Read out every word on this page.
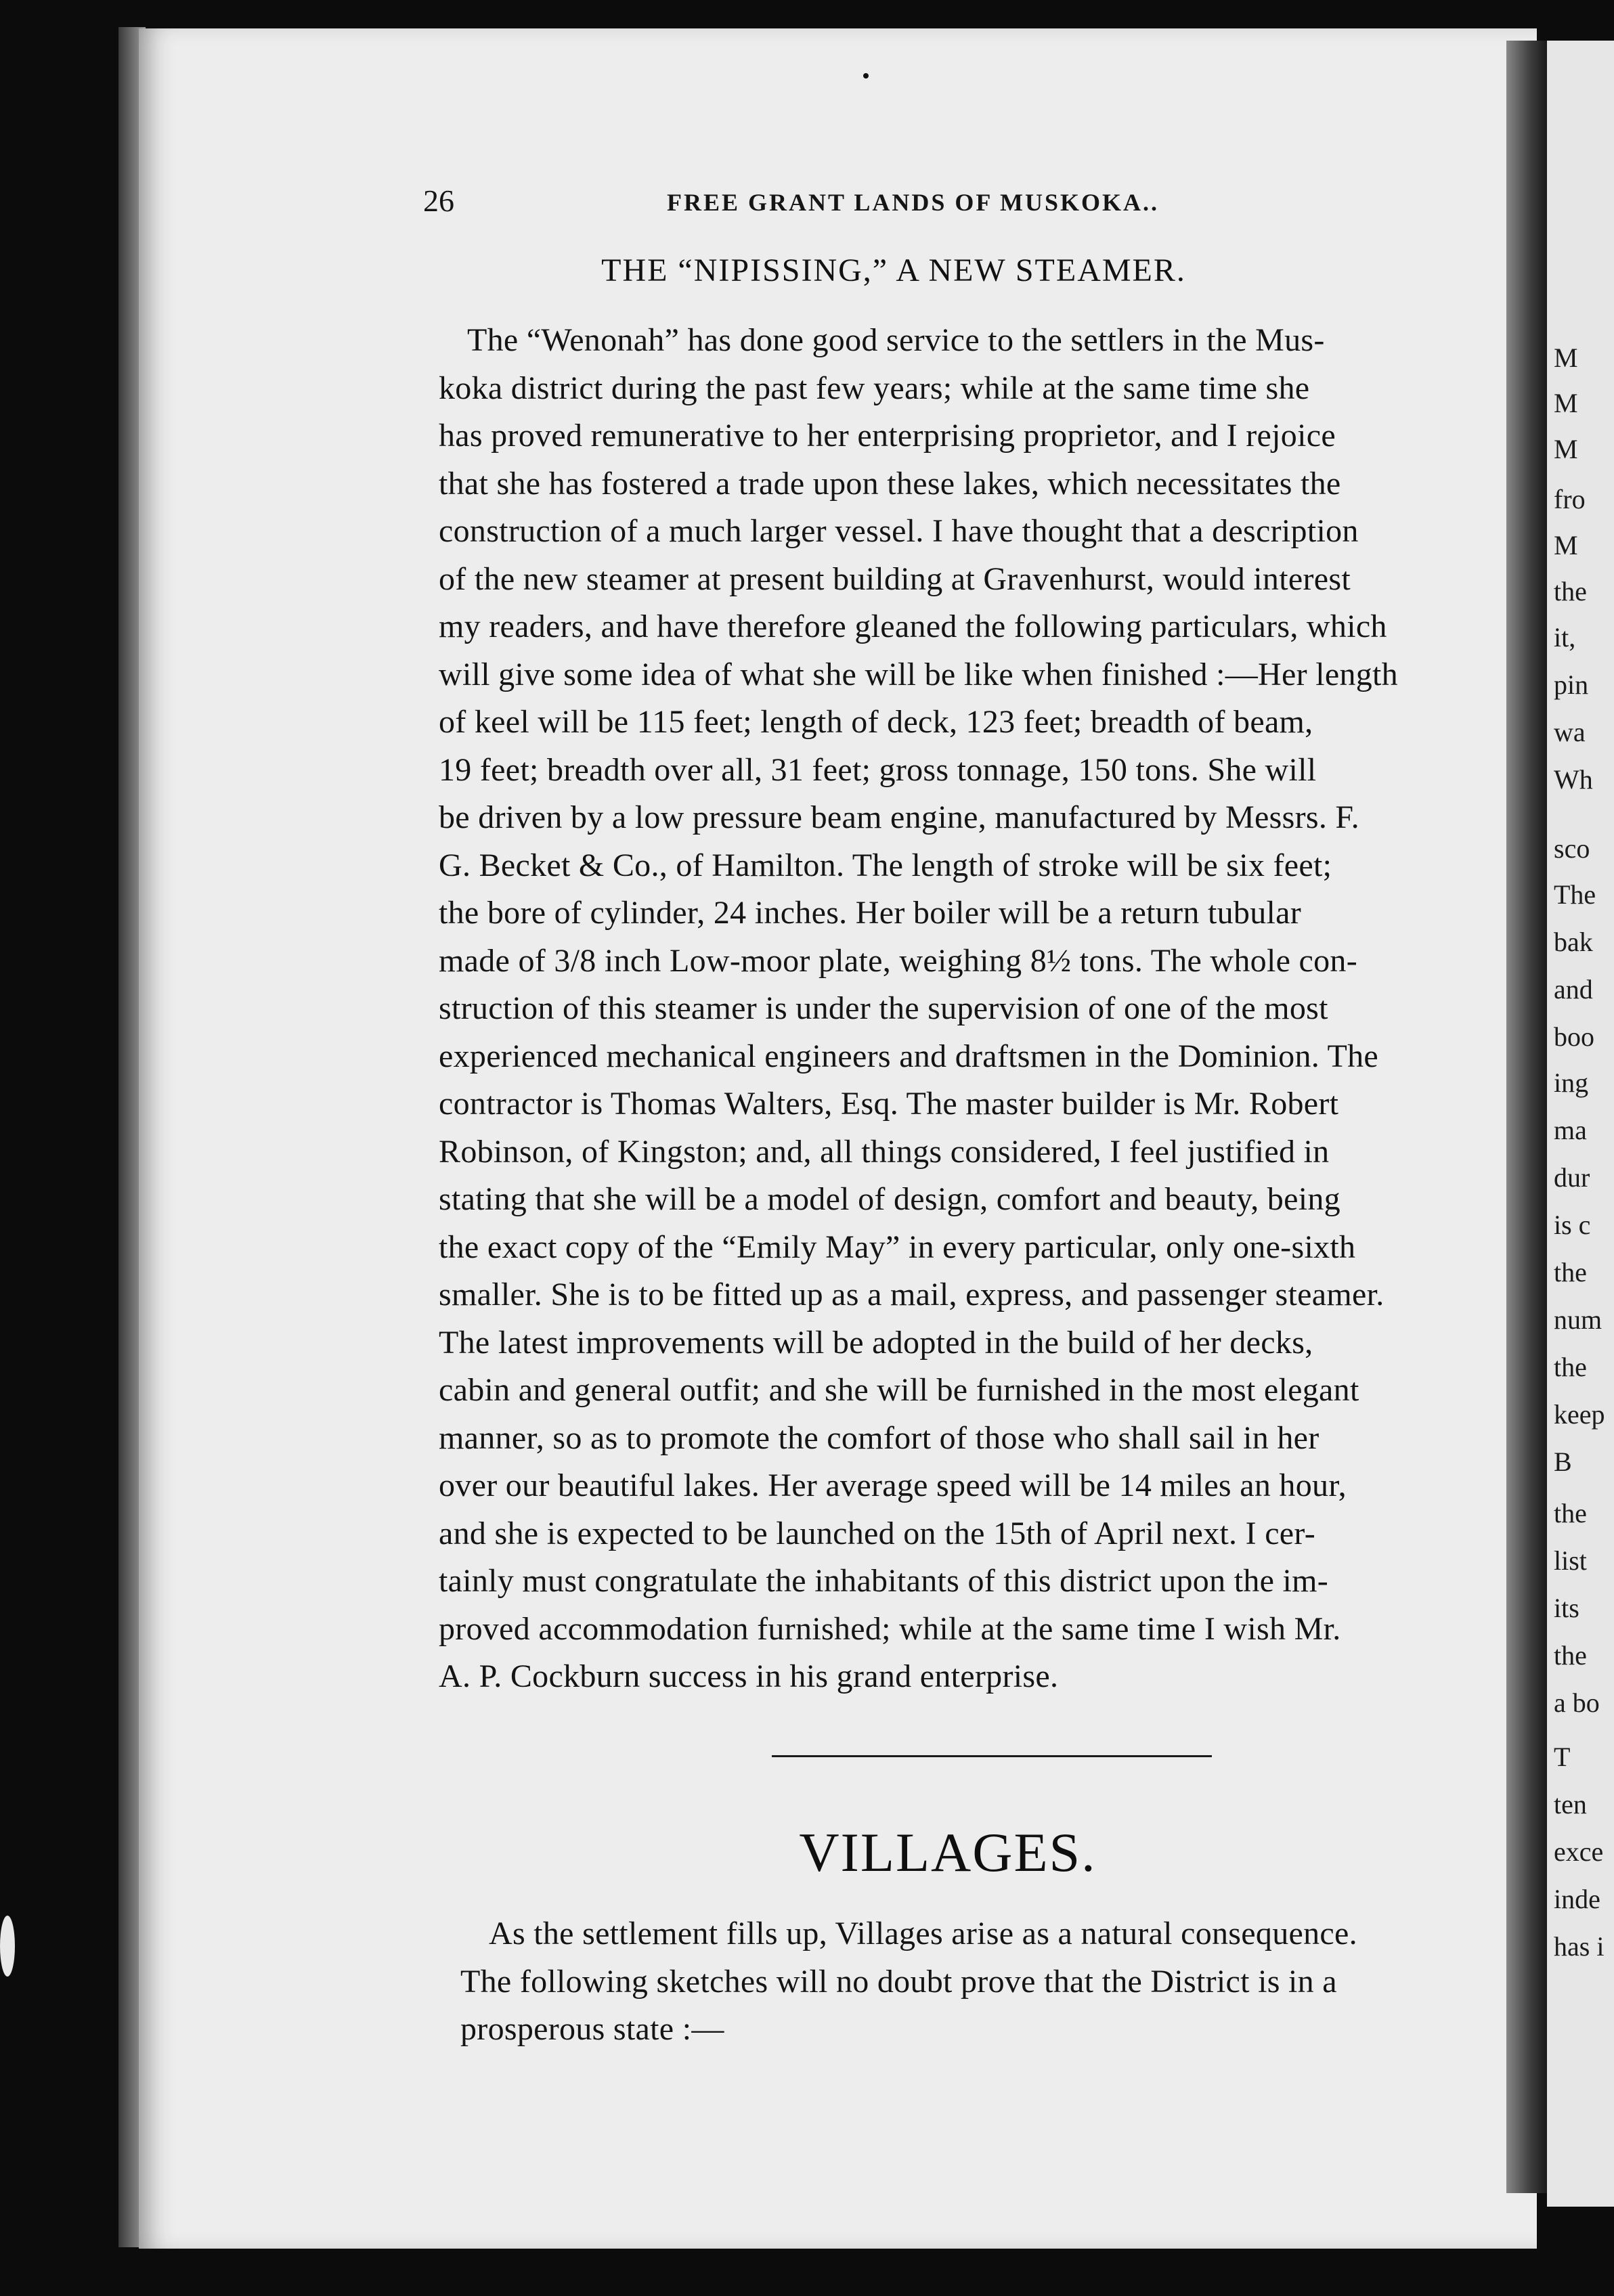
M
M
M
fro
M
the
it,
pin
wa
Wh
sco
The
bak
and
boo
ing
ma
dur
is c
the
num
the
keep
B
the
list
its
the
a bo
T
ten
exce
inde
has i
26	FREE GRANT LANDS OF MUSKOKA..
THE “NIPISSING,” A NEW STEAMER.
The “Wenonah” has done good service to the settlers in the Mus-
koka district during the past few years; while at the same time she
has proved remunerative to her enterprising proprietor, and I rejoice
that she has fostered a trade upon these lakes, which necessitates the
construction of a much larger vessel. I have thought that a description
of the new steamer at present building at Gravenhurst, would interest
my readers, and have therefore gleaned the following particulars, which
will give some idea of what she will be like when finished :—Her length
of keel will be 115 feet; length of deck, 123 feet; breadth of beam,
19 feet; breadth over all, 31 feet; gross tonnage, 150 tons. She will
be driven by a low pressure beam engine, manufactured by Messrs. F.
G. Becket & Co., of Hamilton. The length of stroke will be six feet;
the bore of cylinder, 24 inches. Her boiler will be a return tubular
made of 3/8 inch Low-moor plate, weighing 8½ tons. The whole con-
struction of this steamer is under the supervision of one of the most
experienced mechanical engineers and draftsmen in the Dominion. The
contractor is Thomas Walters, Esq. The master builder is Mr. Robert
Robinson, of Kingston; and, all things considered, I feel justified in
stating that she will be a model of design, comfort and beauty, being
the exact copy of the “Emily May” in every particular, only one-sixth
smaller. She is to be fitted up as a mail, express, and passenger steamer.
The latest improvements will be adopted in the build of her decks,
cabin and general outfit; and she will be furnished in the most elegant
manner, so as to promote the comfort of those who shall sail in her
over our beautiful lakes. Her average speed will be 14 miles an hour,
and she is expected to be launched on the 15th of April next. I cer-
tainly must congratulate the inhabitants of this district upon the im-
proved accommodation furnished; while at the same time I wish Mr.
A. P. Cockburn success in his grand enterprise.
VILLAGES.
As the settlement fills up, Villages arise as a natural consequence.
The following sketches will no doubt prove that the District is in a
prosperous state :—
